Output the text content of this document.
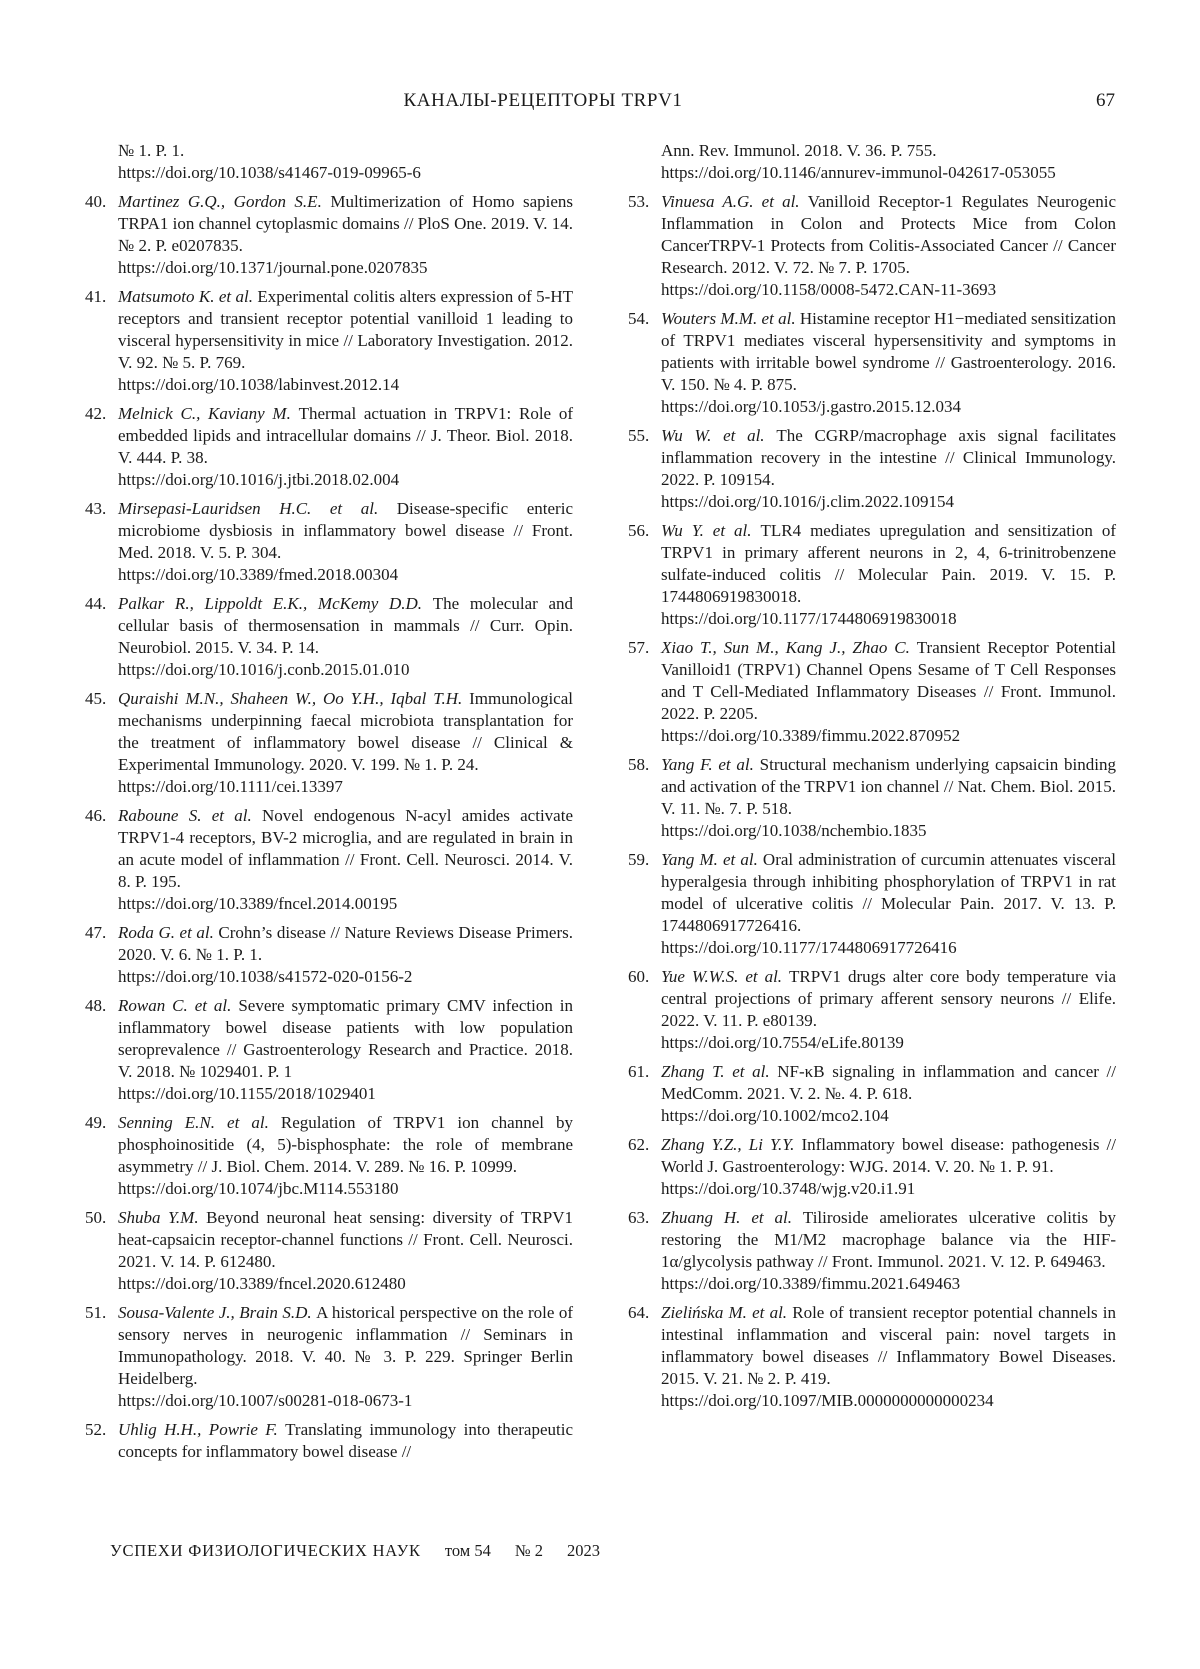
КАНАЛЫ-РЕЦЕПТОРЫ TRPV1	67
№ 1. P. 1.
https://doi.org/10.1038/s41467-019-09965-6
40. Martinez G.Q., Gordon S.E. Multimerization of Homo sapiens TRPA1 ion channel cytoplasmic domains // PloS One. 2019. V. 14. № 2. P. e0207835.
https://doi.org/10.1371/journal.pone.0207835
41. Matsumoto K. et al. Experimental colitis alters expression of 5-HT receptors and transient receptor potential vanilloid 1 leading to visceral hypersensitivity in mice // Laboratory Investigation. 2012. V. 92. № 5. P. 769.
https://doi.org/10.1038/labinvest.2012.14
42. Melnick C., Kaviany M. Thermal actuation in TRPV1: Role of embedded lipids and intracellular domains // J. Theor. Biol. 2018. V. 444. P. 38.
https://doi.org/10.1016/j.jtbi.2018.02.004
43. Mirsepasi-Lauridsen H.C. et al. Disease-specific enteric microbiome dysbiosis in inflammatory bowel disease // Front. Med. 2018. V. 5. P. 304.
https://doi.org/10.3389/fmed.2018.00304
44. Palkar R., Lippoldt E.K., McKemy D.D. The molecular and cellular basis of thermosensation in mammals // Curr. Opin. Neurobiol. 2015. V. 34. P. 14.
https://doi.org/10.1016/j.conb.2015.01.010
45. Quraishi M.N., Shaheen W., Oo Y.H., Iqbal T.H. Immunological mechanisms underpinning faecal microbiota transplantation for the treatment of inflammatory bowel disease // Clinical & Experimental Immunology. 2020. V. 199. № 1. P. 24.
https://doi.org/10.1111/cei.13397
46. Raboune S. et al. Novel endogenous N-acyl amides activate TRPV1-4 receptors, BV-2 microglia, and are regulated in brain in an acute model of inflammation // Front. Cell. Neurosci. 2014. V. 8. P. 195.
https://doi.org/10.3389/fncel.2014.00195
47. Roda G. et al. Crohn’s disease // Nature Reviews Disease Primers. 2020. V. 6. № 1. P. 1.
https://doi.org/10.1038/s41572-020-0156-2
48. Rowan C. et al. Severe symptomatic primary CMV infection in inflammatory bowel disease patients with low population seroprevalence // Gastroenterology Research and Practice. 2018. V. 2018. № 1029401. P. 1
https://doi.org/10.1155/2018/1029401
49. Senning E.N. et al. Regulation of TRPV1 ion channel by phosphoinositide (4, 5)-bisphosphate: the role of membrane asymmetry // J. Biol. Chem. 2014. V. 289. № 16. P. 10999.
https://doi.org/10.1074/jbc.M114.553180
50. Shuba Y.M. Beyond neuronal heat sensing: diversity of TRPV1 heat-capsaicin receptor-channel functions // Front. Cell. Neurosci. 2021. V. 14. P. 612480.
https://doi.org/10.3389/fncel.2020.612480
51. Sousa-Valente J., Brain S.D. A historical perspective on the role of sensory nerves in neurogenic inflammation // Seminars in Immunopathology. 2018. V. 40. № 3. P. 229. Springer Berlin Heidelberg.
https://doi.org/10.1007/s00281-018-0673-1
52. Uhlig H.H., Powrie F. Translating immunology into therapeutic concepts for inflammatory bowel disease //
Ann. Rev. Immunol. 2018. V. 36. P. 755.
https://doi.org/10.1146/annurev-immunol-042617-053055
53. Vinuesa A.G. et al. Vanilloid Receptor-1 Regulates Neurogenic Inflammation in Colon and Protects Mice from Colon CancerTRPV-1 Protects from Colitis-Associated Cancer // Cancer Research. 2012. V. 72. № 7. P. 1705.
https://doi.org/10.1158/0008-5472.CAN-11-3693
54. Wouters M.M. et al. Histamine receptor H1−mediated sensitization of TRPV1 mediates visceral hypersensitivity and symptoms in patients with irritable bowel syndrome // Gastroenterology. 2016. V. 150. № 4. P. 875.
https://doi.org/10.1053/j.gastro.2015.12.034
55. Wu W. et al. The CGRP/macrophage axis signal facilitates inflammation recovery in the intestine // Clinical Immunology. 2022. P. 109154.
https://doi.org/10.1016/j.clim.2022.109154
56. Wu Y. et al. TLR4 mediates upregulation and sensitization of TRPV1 in primary afferent neurons in 2, 4, 6-trinitrobenzene sulfate-induced colitis // Molecular Pain. 2019. V. 15. P. 1744806919830018.
https://doi.org/10.1177/1744806919830018
57. Xiao T., Sun M., Kang J., Zhao C. Transient Receptor Potential Vanilloid1 (TRPV1) Channel Opens Sesame of T Cell Responses and T Cell-Mediated Inflammatory Diseases // Front. Immunol. 2022. P. 2205.
https://doi.org/10.3389/fimmu.2022.870952
58. Yang F. et al. Structural mechanism underlying capsaicin binding and activation of the TRPV1 ion channel // Nat. Chem. Biol. 2015. V. 11. №. 7. P. 518.
https://doi.org/10.1038/nchembio.1835
59. Yang M. et al. Oral administration of curcumin attenuates visceral hyperalgesia through inhibiting phosphorylation of TRPV1 in rat model of ulcerative colitis // Molecular Pain. 2017. V. 13. P. 1744806917726416.
https://doi.org/10.1177/1744806917726416
60. Yue W.W.S. et al. TRPV1 drugs alter core body temperature via central projections of primary afferent sensory neurons // Elife. 2022. V. 11. P. e80139.
https://doi.org/10.7554/eLife.80139
61. Zhang T. et al. NF-κB signaling in inflammation and cancer // MedComm. 2021. V. 2. №. 4. P. 618.
https://doi.org/10.1002/mco2.104
62. Zhang Y.Z., Li Y.Y. Inflammatory bowel disease: pathogenesis // World J. Gastroenterology: WJG. 2014. V. 20. № 1. P. 91.
https://doi.org/10.3748/wjg.v20.i1.91
63. Zhuang H. et al. Tiliroside ameliorates ulcerative colitis by restoring the M1/M2 macrophage balance via the HIF-1α/glycolysis pathway // Front. Immunol. 2021. V. 12. P. 649463.
https://doi.org/10.3389/fimmu.2021.649463
64. Zielińska M. et al. Role of transient receptor potential channels in intestinal inflammation and visceral pain: novel targets in inflammatory bowel diseases // Inflammatory Bowel Diseases. 2015. V. 21. № 2. P. 419.
https://doi.org/10.1097/MIB.0000000000000234
УСПЕХИ ФИЗИОЛОГИЧЕСКИХ НАУК том 54 № 2 2023
